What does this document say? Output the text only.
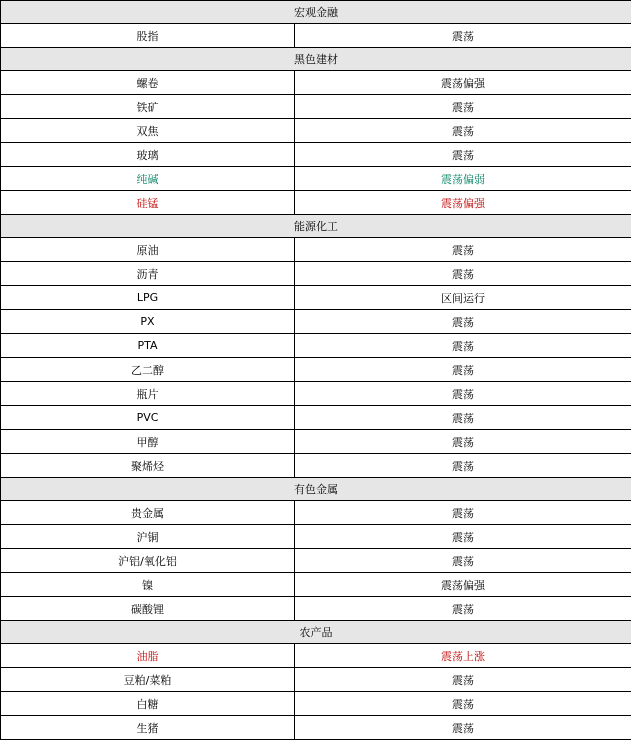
宏观金融	
股指	震荡
黑色建材	
螺卷	震荡偏强
铁矿	震荡
双焦	震荡
玻璃	震荡
纯碱	震荡偏弱
硅锰	震荡偏强
能源化工	
原油	震荡
沥青	震荡
LPG	区间运行
PX	震荡
PTA	震荡
乙二醇	震荡
瓶片	震荡
PVC	震荡
甲醇	震荡
聚烯烃	震荡
有色金属	
贵金属	震荡
沪铜	震荡
沪铝/氧化铝	震荡
镍	震荡偏强
碳酸锂	震荡
农产品	
油脂	震荡上涨
豆粕/菜粕	震荡
白糖	震荡
生猪	震荡
